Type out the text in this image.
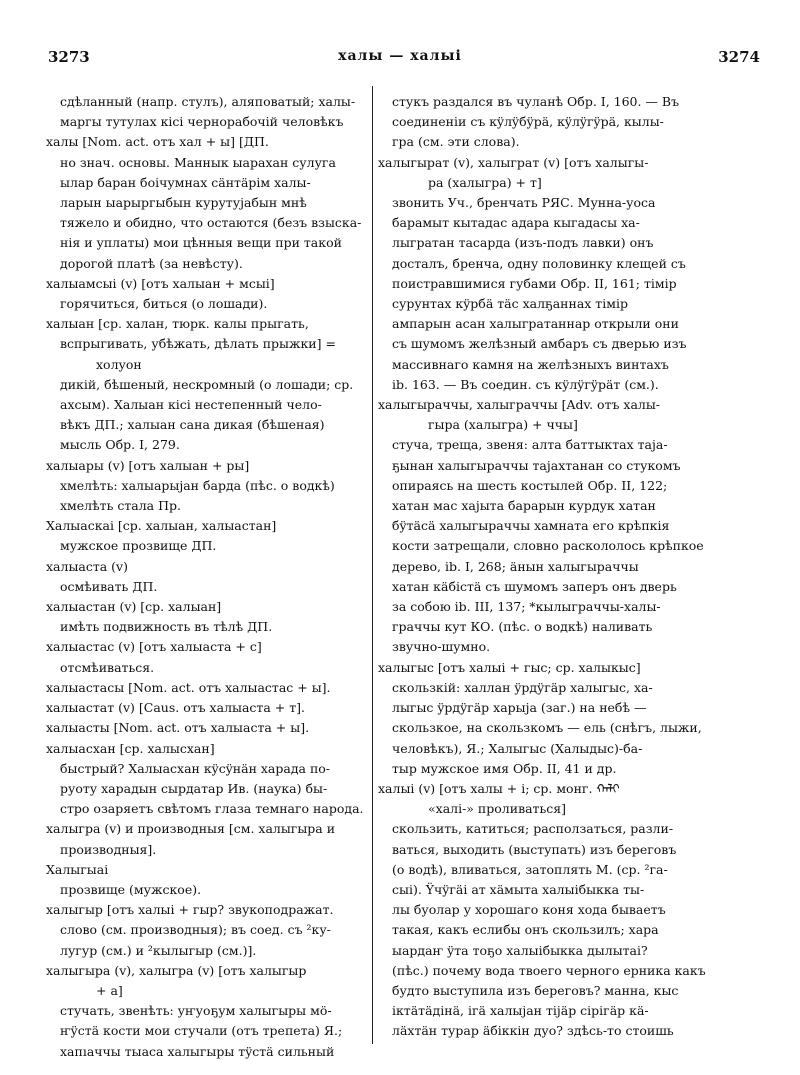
3273	халы — халыі	3274
сдѣланный (напр. стулъ), аляповатый; халы-
маргы тутулах кісі чернорабочій человѣкъ
халы [Nom. act. отъ хал + ы] [ДП.
но знач. основы. Маннык ыарахан сулуга
ылар баран боічумнах сäнтäрім халы-
ларын ыарыргыбын курутуjабын мнѣ
тяжело и обидно, что остаются (безъ взыска-
нія и уплаты) мои цѣнныя вещи при такой
дорогой платѣ (за невѣсту).
халыамсыі (v) [отъ халыан + мсыі]
горячиться, биться (о лошади).
халыан [ср. халан, тюрк. калы прыгать,
вспрыгивать, убѣжать, дѣлать прыжки] =
холуон
дикій, бѣшеный, нескромный (о лошади; ср.
ахсым). Халыан кісі нестепенный чело-
вѣкъ ДП.; халыан сана дикая (бѣшеная)
мысль Обр. I, 279.
халыары (v) [отъ халыан + ры]
хмелѣть: халыарыjан барда (пѣс. о водкѣ)
хмелѣть стала Пр.
Халыаскаі [ср. халыан, халыастан]
мужское прозвище ДП.
халыаста (v)
осмѣивать ДП.
халыастан (v) [ср. халыан]
имѣть подвижность въ тѣлѣ ДП.
халыастас (v) [отъ халыаста + с]
отсмѣиваться.
халыастасы [Nom. act. отъ халыастас + ы].
халыастат (v) [Caus. отъ халыаста + т].
халыасты [Nom. act. отъ халыаста + ы].
халыасхан [ср. халысхан]
быстрый? Халыасхан кÿсÿнäн харада по-
руоту харадын сырдатар Ив. (наука) бы-
стро озаряетъ свѣтомъ глаза темнаго народа.
халыгра (v) и производныя [см. халыгыра и
производныя].
Халыгыаі
прозвище (мужское).
халыгыр [отъ халыі + гыр? звукоподражат.
слово (см. производныя); въ соед. съ ²ку-
лугур (см.) и ²кылыгыр (см.)].
халыгыра (v), халыгра (v) [отъ халыгыр
+ а]
стучать, звенѣть: уҥуоҕум халыгыры мö-
ҥÿстä кости мои стучали (отъ трепета) Я.;
хапıаччы тыаса халыгыры тÿстä сильный
стукъ раздался въ чуланѣ Обр. I, 160. — Въ
соединеніи съ кÿлÿбÿрä, кÿлÿгÿрä, кылы-
гра (см. эти слова).
халыгырат (v), халыграт (v) [отъ халыгы-
ра (халыгра) + т]
звонить Уч., бренчать РЯС. Мунна-уоса
барамыт кытадас адара кыгадасы ха-
лыгратан тасарда (изъ-подъ лавки) онъ
досталъ, бренча, одну половинку клещей съ
поистравшимися губами Обр. II, 161; тімір
сурунтах кÿрбä тäс халҕаннах тімір
ампарын асан халыгратаннар открыли они
съ шумомъ желѣзный амбаръ съ дверью изъ
массивнаго камня на желѣзныхъ винтахъ
ib. 163. — Въ соедин. съ кÿлÿгÿрäт (см.).
халыгыраччы, халыграччы [Adv. отъ халы-
гыра (халыгра) + ччы]
стуча, треща, звеня: алта баттыктах таjа-
ҕынан халыгыраччы таjахтанан со стукомъ
опираясь на шесть костылей Обр. II, 122;
хатан мас хаjыта барарын курдук хатан
бÿтäсä халыгыраччы хамната его крѣпкія
кости затрещали, словно раскололось крѣпкое
дерево, ib. I, 268; äнын халыгыраччы
хатан кäбістä съ шумомъ заперъ онъ дверь
за собою ib. III, 137; *кылыграччы-халы-
граччы кут КО. (пѣс. о водкѣ) наливать
звучно-шумно.
халыгыс [отъ халыі + гыс; ср. халыкыс]
скользкій: халлан ÿрдÿгäр халыгыс, ха-
лыгыс ÿрдÿгäр харыjа (заг.) на небѣ —
скользкое, на скользкомъ — ель (снѣгъ, лыжи,
человѣкъ), Я.; Халыгыс (Халыдыс)-ба-
тыр мужское имя Обр. II, 41 и др.
халыі (v) [отъ халы + і; ср. монг. ᠬᠠᠯᠢ
«халі-» проливаться]
скользить, катиться; расползаться, разли-
ваться, выходить (выступать) изъ береговъ
(о водѣ), вливаться, затоплять М. (ср. ²га-
сыі). Ÿчÿгäі ат хäмыта халыібыкка ты-
лы буолар у хорошаго коня хода бываетъ
такая, какъ еслибы онъ скользилъ; хара
ыардаҥ ÿта тоҕо халыібыкка дылытаі?
(пѣс.) почему вода твоего черного ерника какъ
будто выступила изъ береговъ? манна, кыс
іктäтäдінä, ігä халыjан тіjäр сірігäр кä-
лäхтäн турар äбіккін дуо? здѣсь-то стоишь
